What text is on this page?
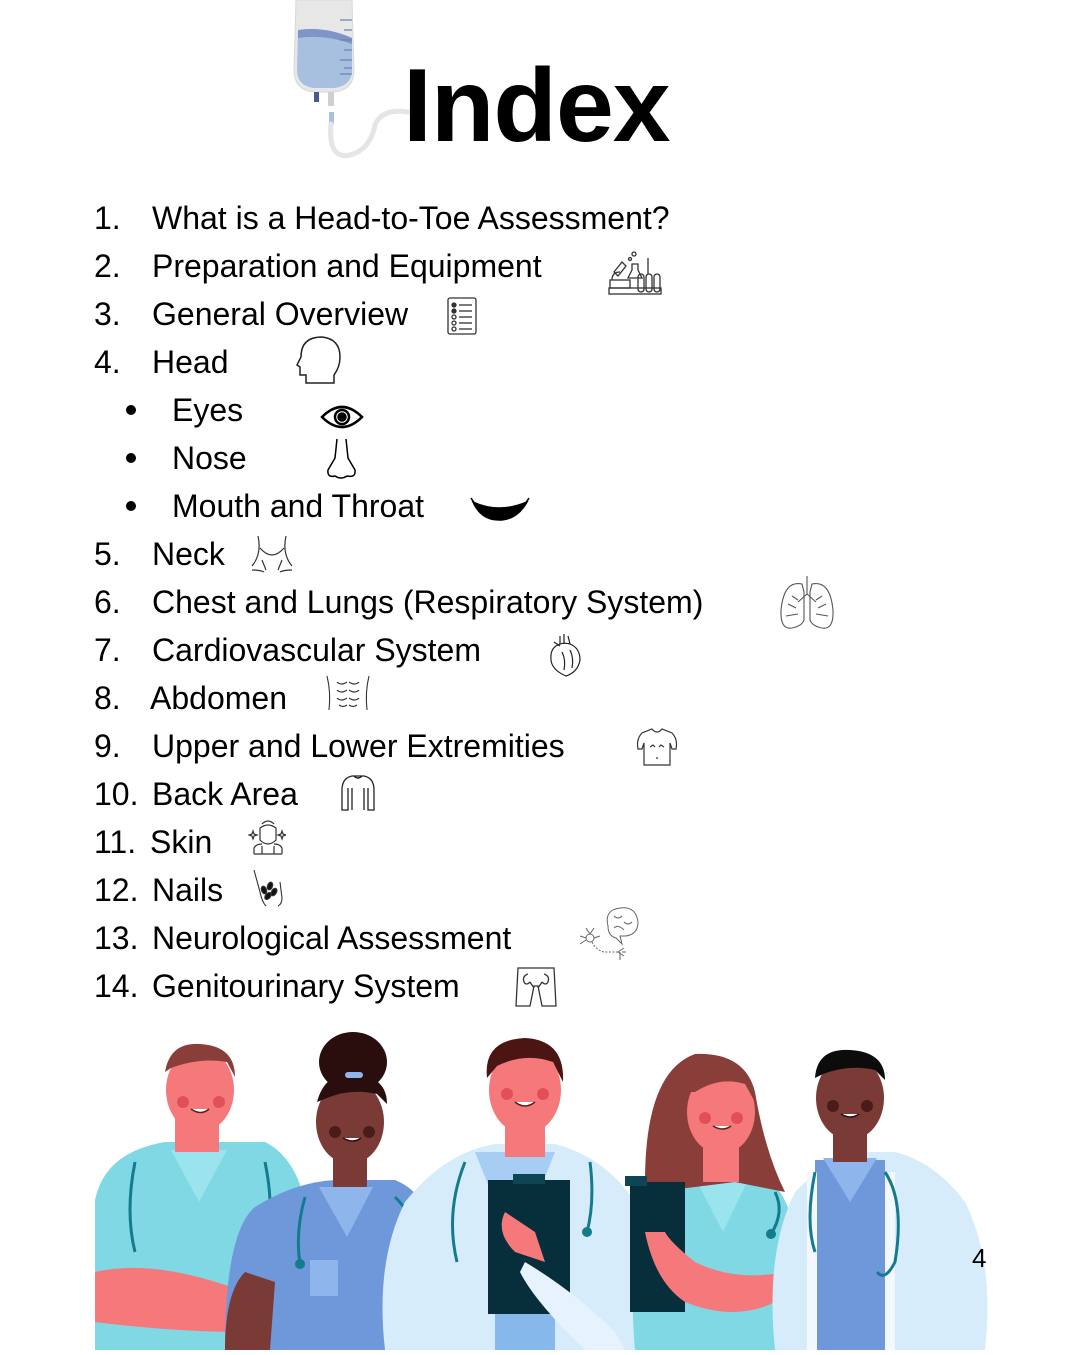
Index
1. What is a Head-to-Toe Assessment?
2. Preparation and Equipment
3. General Overview
4. Head
Eyes
Nose
Mouth and Throat
5. Neck
6. Chest and Lungs (Respiratory System)
7. Cardiovascular System
8. Abdomen
9. Upper and Lower Extremities
10. Back Area
11. Skin
12. Nails
13. Neurological Assessment
14. Genitourinary System
4
